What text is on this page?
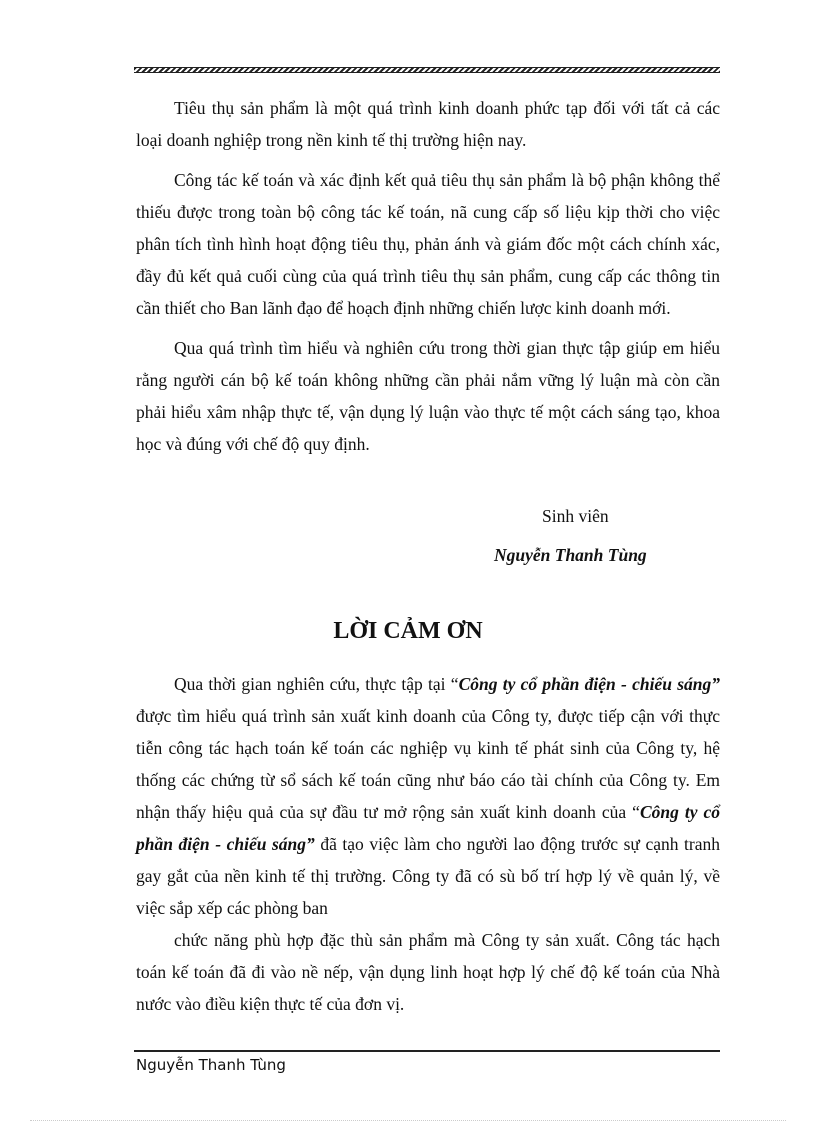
Tiêu thụ sản phẩm là một quá trình kinh doanh phức tạp đối với tất cả các loại doanh nghiệp trong nền kinh tế thị trường hiện nay.

Công tác kế toán và xác định kết quả tiêu thụ sản phẩm là bộ phận không thể thiếu được trong toàn bộ công tác kế toán, nã cung cấp số liệu kịp thời cho việc phân tích tình hình hoạt động tiêu thụ, phản ánh và giám đốc một cách chính xác, đầy đủ kết quả cuối cùng của quá trình tiêu thụ sản phẩm, cung cấp các thông tin cần thiết cho Ban lãnh đạo để hoạch định những chiến lược kinh doanh mới.

Qua quá trình tìm hiểu và nghiên cứu trong thời gian thực tập giúp em hiểu rằng người cán bộ kế toán không những cần phải nắm vững lý luận mà còn cần phải hiểu xâm nhập thực tế, vận dụng lý luận vào thực tế một cách sáng tạo, khoa học và đúng với chế độ quy định.

Sinh viên
Nguyễn Thanh Tùng
LỜI CẢM ƠN

Qua thời gian nghiên cứu, thực tập tại “Công ty cổ phần điện - chiếu sáng” được tìm hiểu quá trình sản xuất kinh doanh của Công ty, được tiếp cận với thực tiễn công tác hạch toán kế toán các nghiệp vụ kinh tế phát sinh của Công ty, hệ thống các chứng từ sổ sách kế toán cũng như báo cáo tài chính của Công ty. Em nhận thấy hiệu quả của sự đầu tư mở rộng sản xuất kinh doanh của “Công ty cổ phần điện - chiếu sáng” đã tạo việc làm cho người lao động trước sự cạnh tranh gay gắt của nền kinh tế thị trường. Công ty đã có sù bố trí hợp lý về quản lý, về việc sắp xếp các phòng ban

chức năng phù hợp đặc thù sản phẩm mà Công ty sản xuất. Công tác hạch toán kế toán đã đi vào nề nếp, vận dụng linh hoạt hợp lý chế độ kế toán của Nhà nước vào điều kiện thực tế của đơn vị.

Nguyễn Thanh Tùng
